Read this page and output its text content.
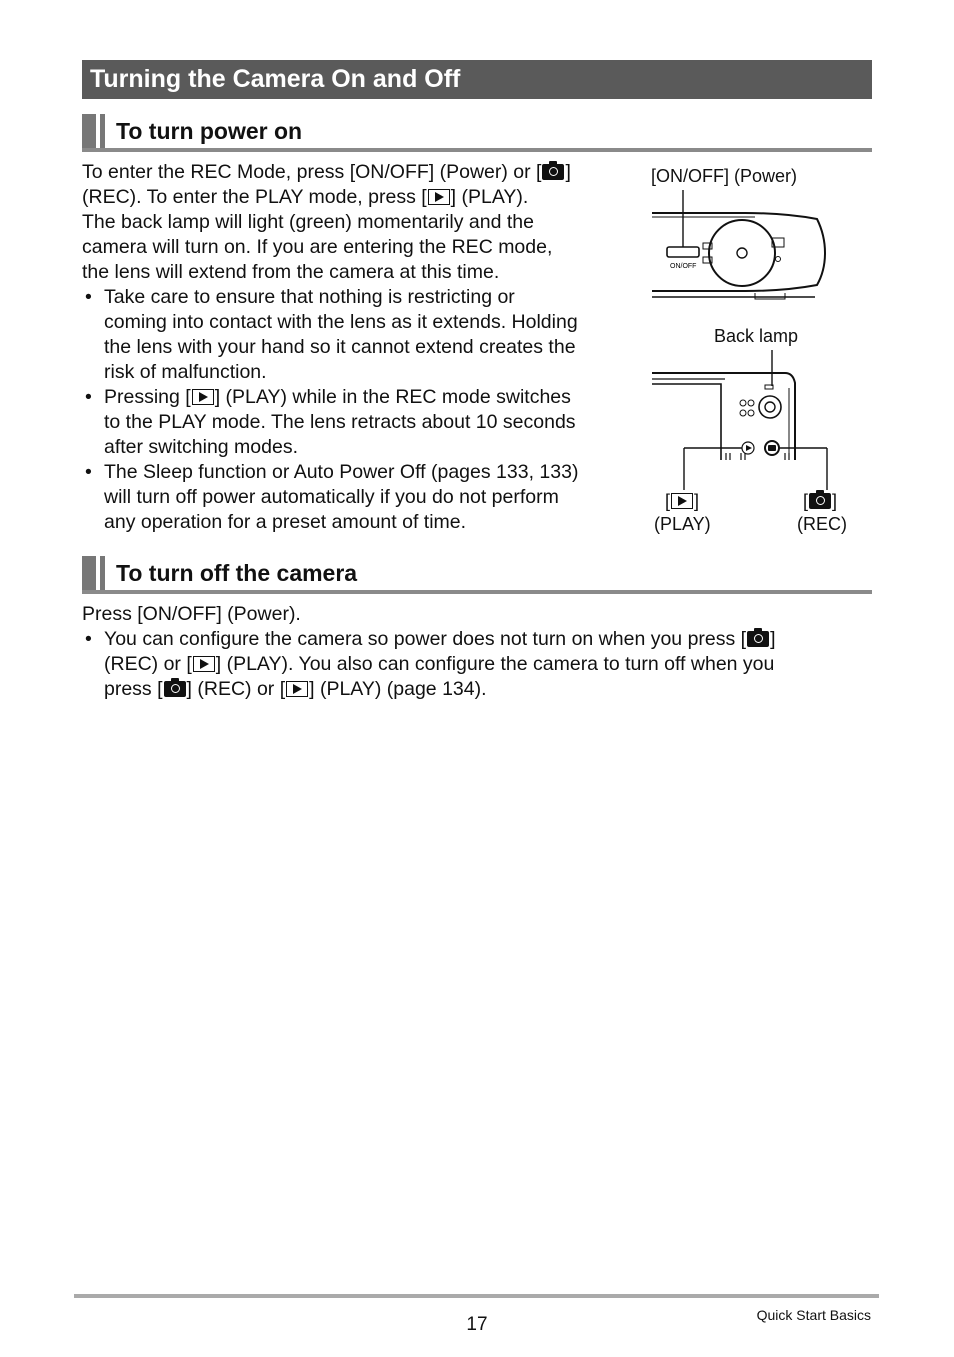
Turning the Camera On and Off
To turn power on

To enter the REC Mode, press [ON/OFF] (Power) or [ ]

(REC). To enter the PLAY mode, press [ ] (PLAY).

The back lamp will light (green) momentarily and the

camera will turn on. If you are entering the REC mode,

the lens will extend from the camera at this time.

• Take care to ensure that nothing is restricting or

coming into contact with the lens as it extends. Holding

the lens with your hand so it cannot extend creates the

risk of malfunction.

• Pressing [ ] (PLAY) while in the REC mode switches

to the PLAY mode. The lens retracts about 10 seconds

after switching modes.

• The Sleep function or Auto Power Off (pages 133, 133)

will turn off power automatically if you do not perform

any operation for a preset amount of time.

[ON/OFF] (Power)
ON/OFF
Back lamp
[ ]
(PLAY)
[ ]
(REC)
To turn off the camera

Press [ON/OFF] (Power).

• You can configure the camera so power does not turn on when you press [ ]

(REC) or [ ] (PLAY). You also can configure the camera to turn off when you

press [ ] (REC) or [ ] (PLAY) (page 134).

17	Quick Start Basics
